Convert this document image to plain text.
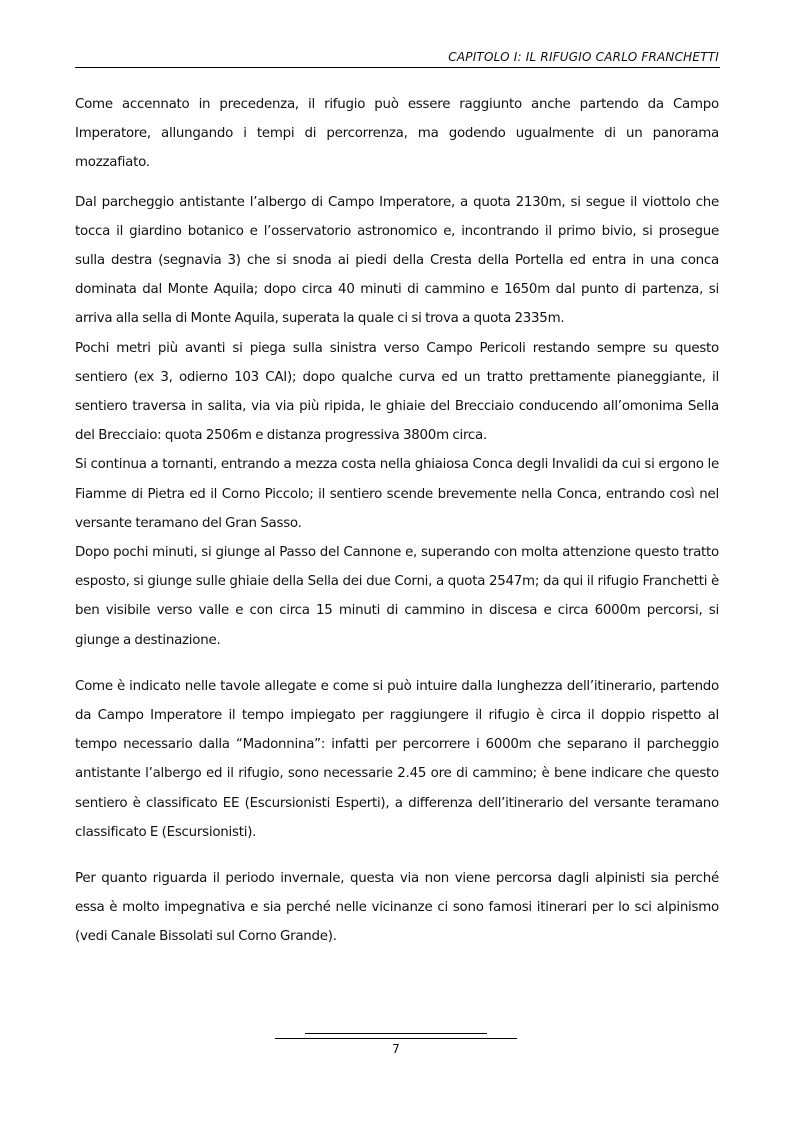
CAPITOLO I: IL RIFUGIO CARLO FRANCHETTI

Come accennato in precedenza, il rifugio può essere raggiunto anche partendo da Campo Imperatore, allungando i tempi di percorrenza, ma godendo ugualmente di un panorama mozzafiato.

Dal parcheggio antistante l’albergo di Campo Imperatore, a quota 2130m, si segue il viottolo che tocca il giardino botanico e l’osservatorio astronomico e, incontrando il primo bivio, si prosegue sulla destra (segnavia 3) che si snoda ai piedi della Cresta della Portella ed entra in una conca dominata dal Monte Aquila; dopo circa 40 minuti di cammino e 1650m dal punto di partenza, si arriva alla sella di Monte Aquila, superata la quale ci si trova a quota 2335m.

Pochi metri più avanti si piega sulla sinistra verso Campo Pericoli restando sempre su questo sentiero (ex 3, odierno 103 CAI); dopo qualche curva ed un tratto prettamente pianeggiante, il sentiero traversa in salita, via via più ripida, le ghiaie del Brecciaio conducendo all’omonima Sella del Brecciaio: quota 2506m e distanza progressiva 3800m circa.

Si continua a tornanti, entrando a mezza costa nella ghiaiosa Conca degli Invalidi da cui si ergono le Fiamme di Pietra ed il Corno Piccolo; il sentiero scende brevemente nella Conca, entrando così nel versante teramano del Gran Sasso.

Dopo pochi minuti, si giunge al Passo del Cannone e, superando con molta attenzione questo tratto esposto, si giunge sulle ghiaie della Sella dei due Corni, a quota 2547m; da qui il rifugio Franchetti è ben visibile verso valle e con circa 15 minuti di cammino in discesa e circa 6000m percorsi, si giunge a destinazione.

Come è indicato nelle tavole allegate e come si può intuire dalla lunghezza dell’itinerario, partendo da Campo Imperatore il tempo impiegato per raggiungere il rifugio è circa il doppio rispetto al tempo necessario dalla “Madonnina”: infatti per percorrere i 6000m che separano il parcheggio antistante l’albergo ed il rifugio, sono necessarie 2.45 ore di cammino; è bene indicare che questo sentiero è classificato EE (Escursionisti Esperti), a differenza dell’itinerario del versante teramano classificato E (Escursionisti).

Per quanto riguarda il periodo invernale, questa via non viene percorsa dagli alpinisti sia perché essa è molto impegnativa e sia perché nelle vicinanze ci sono famosi itinerari per lo sci alpinismo (vedi Canale Bissolati sul Corno Grande).

7
